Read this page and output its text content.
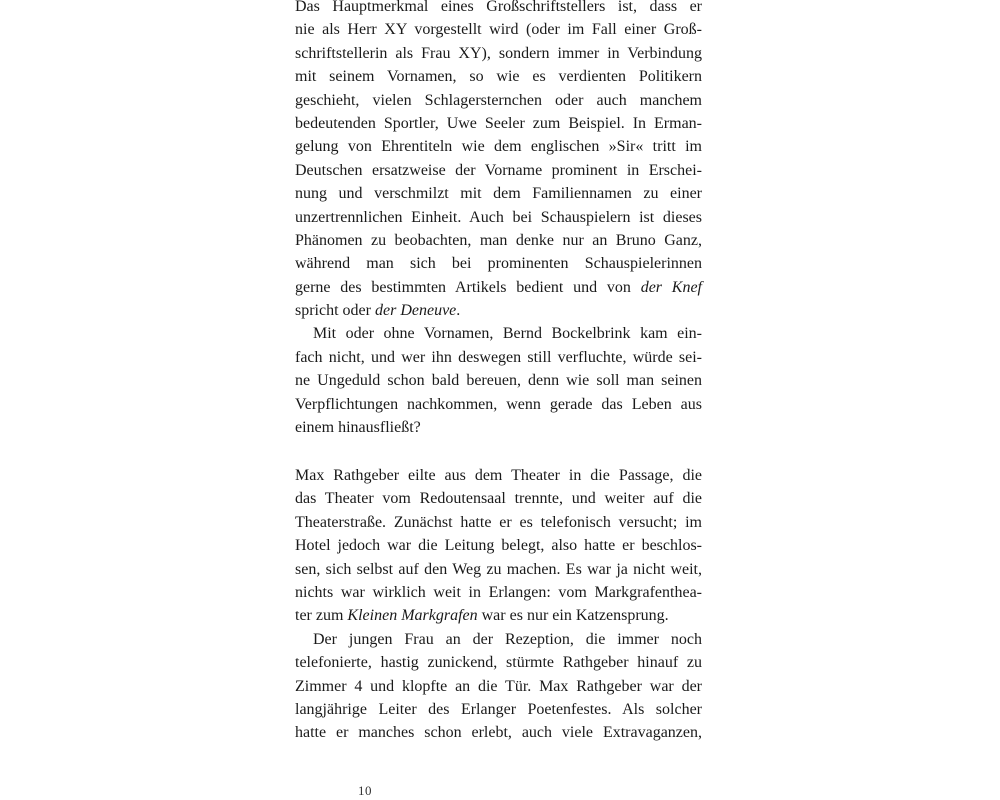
Das Hauptmerkmal eines Großschriftstellers ist, dass er
nie als Herr XY vorgestellt wird (oder im Fall einer Groß-
schriftstellerin als Frau XY), sondern immer in Verbindung
mit seinem Vornamen, so wie es verdienten Politikern
geschieht, vielen Schlagersternchen oder auch manchem
bedeutenden Sportler, Uwe Seeler zum Beispiel. In Erman-
gelung von Ehrentiteln wie dem englischen »Sir« tritt im
Deutschen ersatzweise der Vorname prominent in Erschei-
nung und verschmilzt mit dem Familiennamen zu einer
unzertrennlichen Einheit. Auch bei Schauspielern ist dieses
Phänomen zu beobachten, man denke nur an Bruno Ganz,
während man sich bei prominenten Schauspielerinnen
gerne des bestimmten Artikels bedient und von der Knef
spricht oder der Deneuve.
Mit oder ohne Vornamen, Bernd Bockelbrink kam ein-
fach nicht, und wer ihn deswegen still verfluchte, würde sei-
ne Ungeduld schon bald bereuen, denn wie soll man seinen
Verpflichtungen nachkommen, wenn gerade das Leben aus
einem hinausfließt?
Max Rathgeber eilte aus dem Theater in die Passage, die
das Theater vom Redoutensaal trennte, und weiter auf die
Theaterstraße. Zunächst hatte er es telefonisch versucht; im
Hotel jedoch war die Leitung belegt, also hatte er beschlos-
sen, sich selbst auf den Weg zu machen. Es war ja nicht weit,
nichts war wirklich weit in Erlangen: vom Markgrafenthea-
ter zum Kleinen Markgrafen war es nur ein Katzensprung.
Der jungen Frau an der Rezeption, die immer noch
telefonierte, hastig zunickend, stürmte Rathgeber hinauf zu
Zimmer 4 und klopfte an die Tür. Max Rathgeber war der
langjährige Leiter des Erlanger Poetenfestes. Als solcher
hatte er manches schon erlebt, auch viele Extravaganzen,
10
